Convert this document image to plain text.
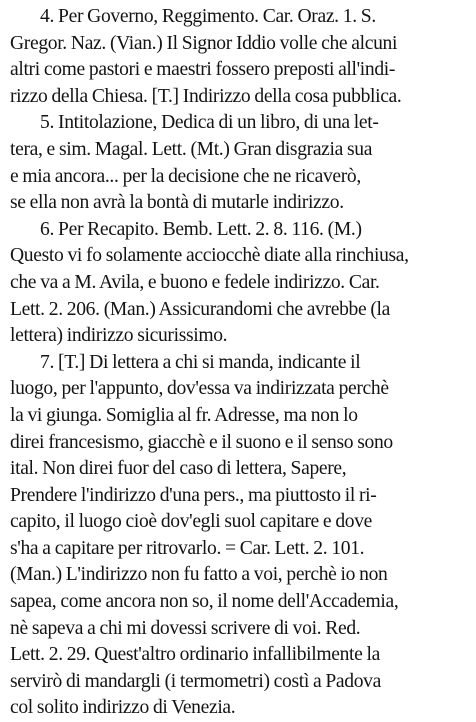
4. Per Governo, Reggimento. Car. Oraz. 1. S.
Gregor. Naz. (Vian.) Il Signor Iddio volle che alcuni
altri come pastori e maestri fossero preposti all'indi-
rizzo della Chiesa. [T.] Indirizzo della cosa pubblica.
5. Intitolazione, Dedica di un libro, di una let-
tera, e sim. Magal. Lett. (Mt.) Gran disgrazia sua
e mia ancora... per la decisione che ne ricaverò,
se ella non avrà la bontà di mutarle indirizzo.
6. Per Recapito. Bemb. Lett. 2. 8. 116. (M.)
Questo vi fo solamente acciocchè diate alla rinchiusa,
che va a M. Avila, e buono e fedele indirizzo. Car.
Lett. 2. 206. (Man.) Assicurandomi che avrebbe (la
lettera) indirizzo sicurissimo.
7. [T.] Di lettera a chi si manda, indicante il
luogo, per l'appunto, dov'essa va indirizzata perchè
la vi giunga. Somiglia al fr. Adresse, ma non lo
direi francesismo, giacchè e il suono e il senso sono
ital. Non direi fuor del caso di lettera, Sapere,
Prendere l'indirizzo d'una pers., ma piuttosto il ri-
capito, il luogo cioè dov'egli suol capitare e dove
s'ha a capitare per ritrovarlo. = Car. Lett. 2. 101.
(Man.) L'indirizzo non fu fatto a voi, perchè io non
sapea, come ancora non so, il nome dell'Accademia,
nè sapeva a chi mi dovessi scrivere di voi. Red.
Lett. 2. 29. Quest'altro ordinario infallibilmente la
servirò di mandargli (i termometri) costì a Padova
col solito indirizzo di Venezia.
